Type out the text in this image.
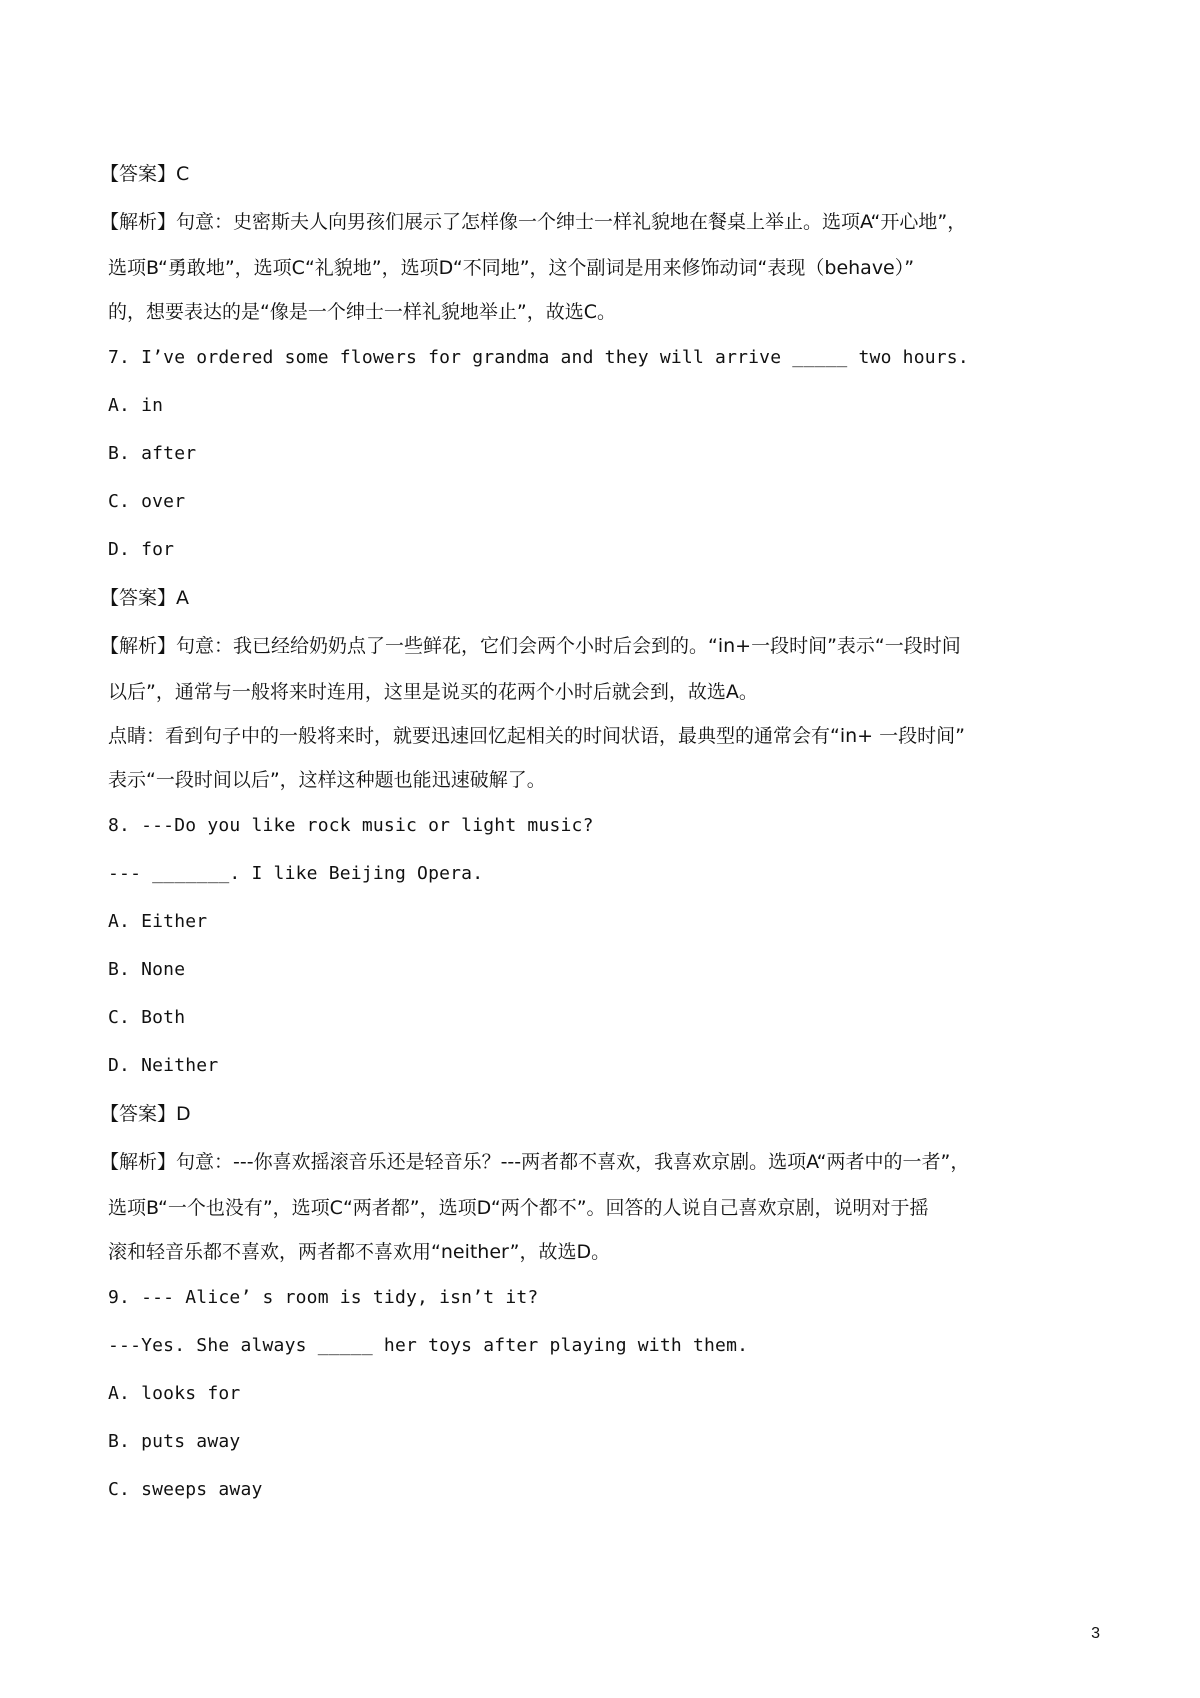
【答案】C
【解析】句意：史密斯夫人向男孩们展示了怎样像一个绅士一样礼貌地在餐桌上举止。选项A“开心地”，
选项B“勇敢地”，选项C“礼貌地”，选项D“不同地”，这个副词是用来修饰动词“表现（behave）”
的，想要表达的是“像是一个绅士一样礼貌地举止”，故选C。
7. I’ve ordered some flowers for grandma and they will arrive _____ two hours.
A. in
B. after
C. over
D. for
【答案】A
【解析】句意：我已经给奶奶点了一些鲜花，它们会两个小时后会到的。“in+一段时间”表示“一段时间
以后”，通常与一般将来时连用，这里是说买的花两个小时后就会到，故选A。
点睛：看到句子中的一般将来时，就要迅速回忆起相关的时间状语，最典型的通常会有“in+ 一段时间”
表示“一段时间以后”，这样这种题也能迅速破解了。
8. ---Do you like rock music or light music?
--- _______. I like Beijing Opera.
A. Either
B. None
C. Both
D. Neither
【答案】D
【解析】句意：---你喜欢摇滚音乐还是轻音乐？---两者都不喜欢，我喜欢京剧。选项A“两者中的一者”，
选项B“一个也没有”，选项C“两者都”，选项D“两个都不”。回答的人说自己喜欢京剧，说明对于摇
滚和轻音乐都不喜欢，两者都不喜欢用“neither”，故选D。
9. --- Alice’ s room is tidy, isn’t it?
---Yes. She always _____ her toys after playing with them.
A. looks for
B. puts away
C. sweeps away
3
